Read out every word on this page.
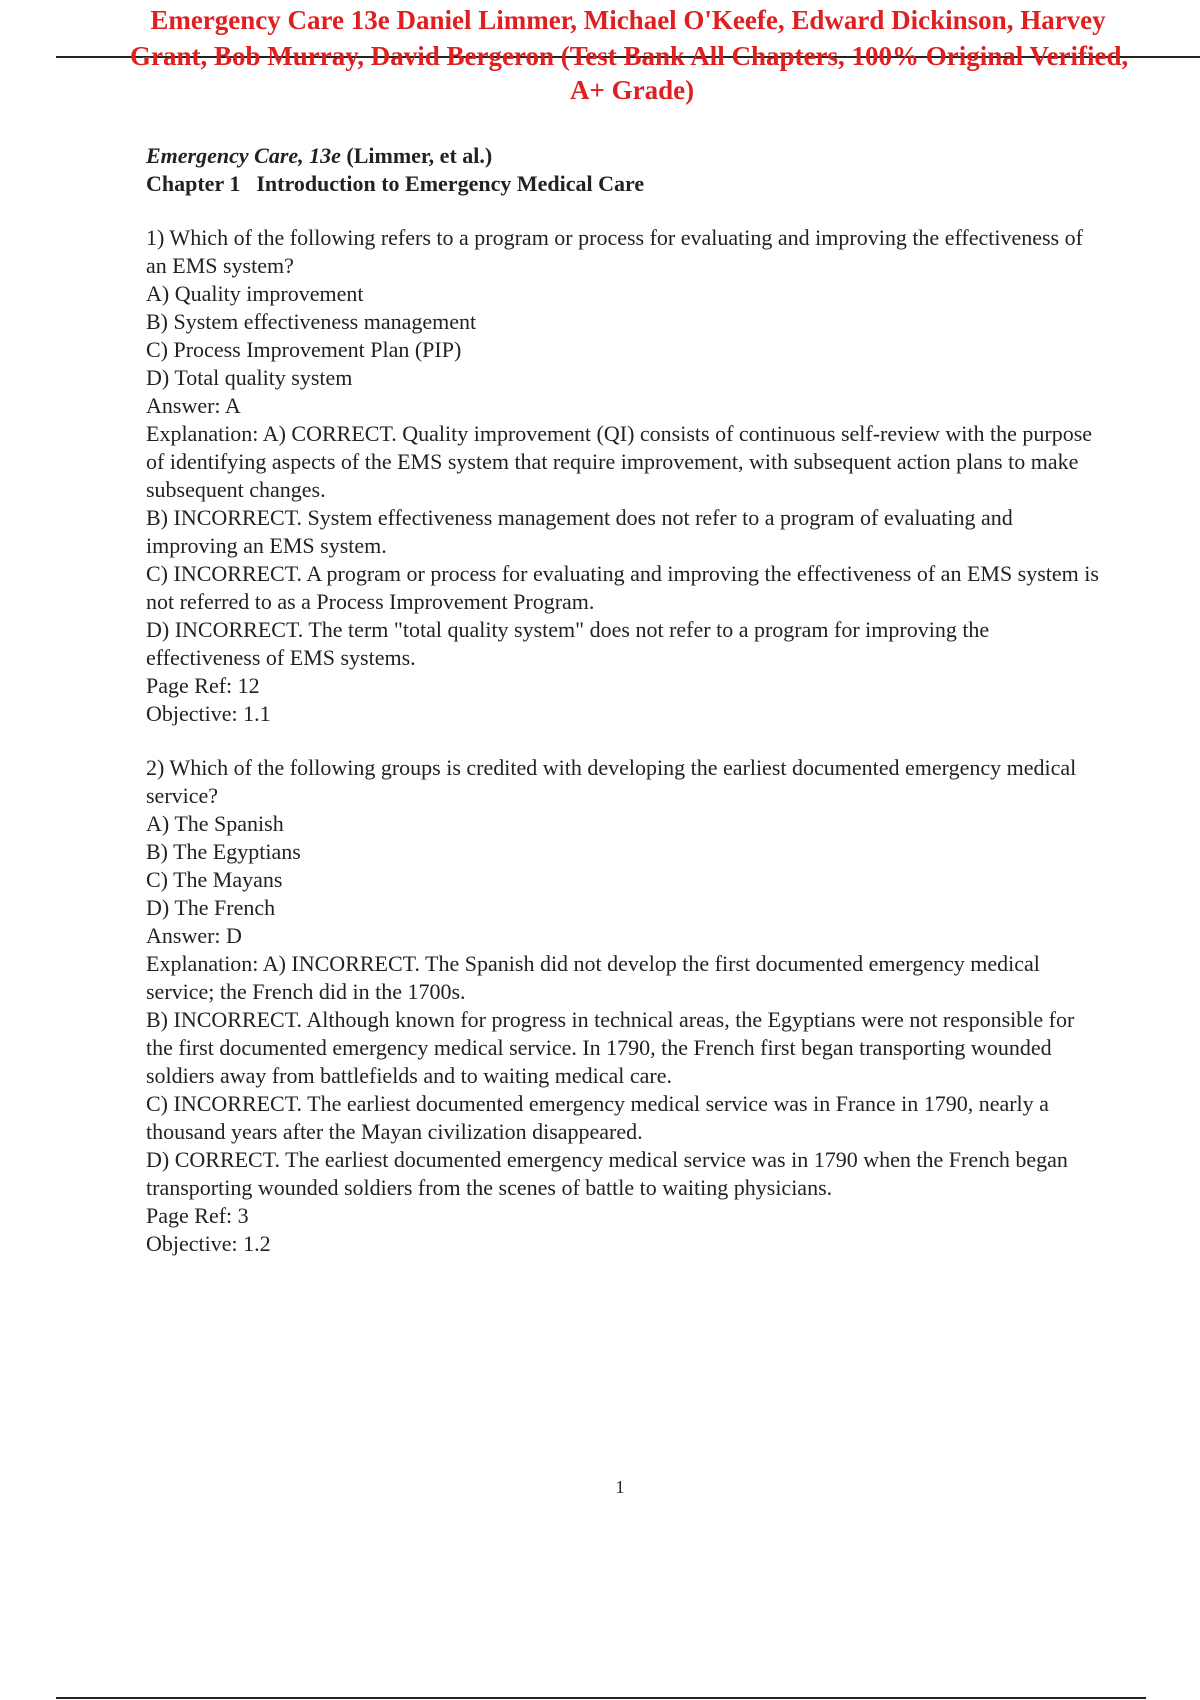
Emergency Care 13e Daniel Limmer, Michael O'Keefe, Edward Dickinson, Harvey
Grant, Bob Murray, David Bergeron (Test Bank All Chapters, 100% Original Verified,
A+ Grade)
Emergency Care, 13e (Limmer, et al.)
Chapter 1 Introduction to Emergency Medical Care

1) Which of the following refers to a program or process for evaluating and improving the effectiveness of an EMS system?

A) Quality improvement

B) System effectiveness management

C) Process Improvement Plan (PIP)

D) Total quality system

Answer: A

Explanation: A) CORRECT. Quality improvement (QI) consists of continuous self-review with the purpose of identifying aspects of the EMS system that require improvement, with subsequent action plans to make subsequent changes.

B) INCORRECT. System effectiveness management does not refer to a program of evaluating and improving an EMS system.

C) INCORRECT. A program or process for evaluating and improving the effectiveness of an EMS system is not referred to as a Process Improvement Program.

D) INCORRECT. The term "total quality system" does not refer to a program for improving the effectiveness of EMS systems.

Page Ref: 12

Objective: 1.1

2) Which of the following groups is credited with developing the earliest documented emergency medical service?

A) The Spanish

B) The Egyptians

C) The Mayans

D) The French

Answer: D

Explanation: A) INCORRECT. The Spanish did not develop the first documented emergency medical service; the French did in the 1700s.

B) INCORRECT. Although known for progress in technical areas, the Egyptians were not responsible for the first documented emergency medical service. In 1790, the French first began transporting wounded soldiers away from battlefields and to waiting medical care.

C) INCORRECT. The earliest documented emergency medical service was in France in 1790, nearly a thousand years after the Mayan civilization disappeared.

D) CORRECT. The earliest documented emergency medical service was in 1790 when the French began transporting wounded soldiers from the scenes of battle to waiting physicians.

Page Ref: 3

Objective: 1.2

1
